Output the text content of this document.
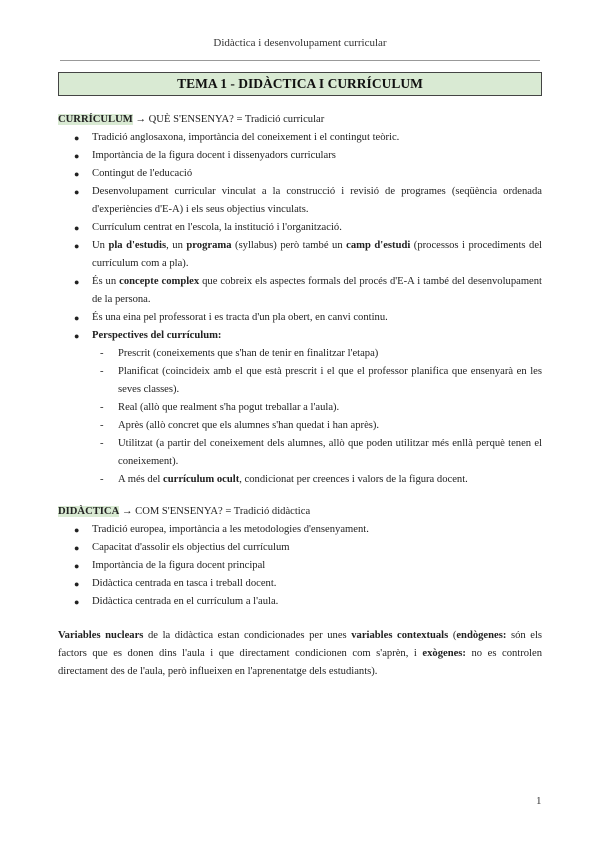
Didàctica i desenvolupament curricular
TEMA 1 - DIDÀCTICA I CURRÍCULUM

CURRÍCULUM → QUÈ S'ENSENYA? = Tradició curricular

● Tradició anglosaxona, importància del coneixement i el contingut teòric.
● Importància de la figura docent i dissenyadors curriculars
● Contingut de l'educació
● Desenvolupament curricular vinculat a la construcció i revisió de programes (seqüència ordenada d'experiències d'E-A) i els seus objectius vinculats.
● Currículum centrat en l'escola, la institució i l'organització.
● Un pla d'estudis, un programa (syllabus) però també un camp d'estudi (processos i procediments del currículum com a pla).
● És un concepte complex que cobreix els aspectes formals del procés d'E-A i també del desenvolupament de la persona.
● És una eina pel professorat i es tracta d'un pla obert, en canvi continu.
● Perspectives del currículum:
- Prescrit (coneixements que s'han de tenir en finalitzar l'etapa)
- Planificat (coincideix amb el que està prescrit i el que el professor planifica que ensenyarà en les seves classes).
- Real (allò que realment s'ha pogut treballar a l'aula).
- Après (allò concret que els alumnes s'han quedat i han après).
- Utilitzat (a partir del coneixement dels alumnes, allò que poden utilitzar més enllà perquè tenen el coneixement).
- A més del currículum ocult, condicionat per creences i valors de la figura docent.

DIDÀCTICA → COM S'ENSENYA? = Tradició didàctica

● Tradició europea, importància a les metodologies d'ensenyament.
● Capacitat d'assolir els objectius del currículum
● Importància de la figura docent principal
● Didàctica centrada en tasca i treball docent.
● Didàctica centrada en el currículum a l'aula.

Variables nuclears de la didàctica estan condicionades per unes variables contextuals (endògenes: són els factors que es donen dins l'aula i que directament condicionen com s'aprèn, i exògenes: no es controlen directament des de l'aula, però influeixen en l'aprenentatge dels estudiants).

1
